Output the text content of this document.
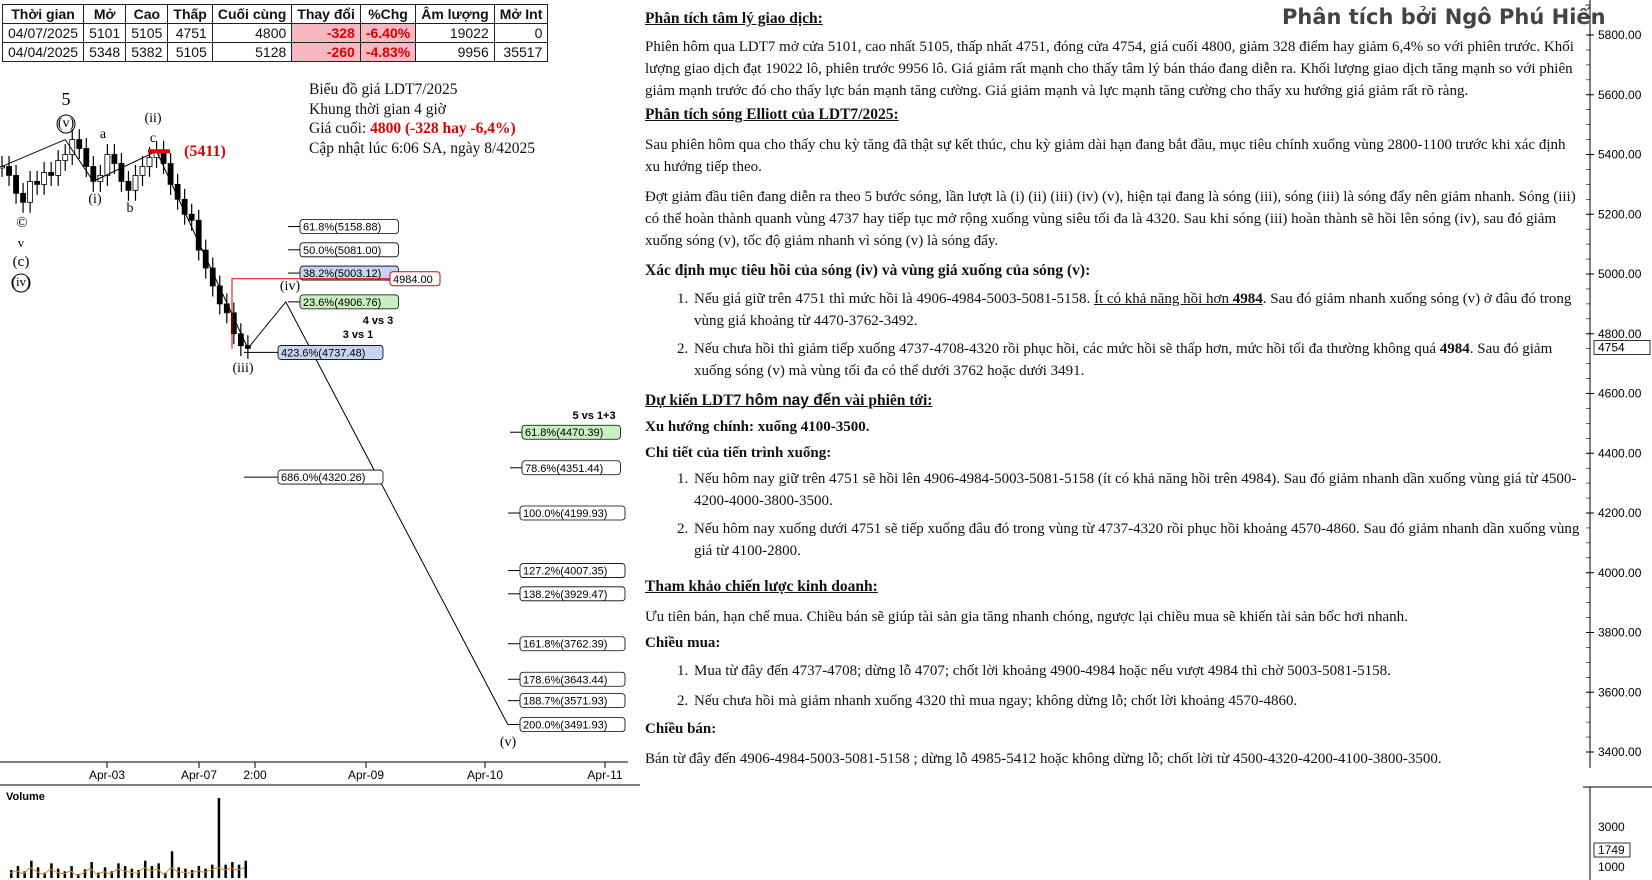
Thời gian	Mở	Cao	Thấp	Cuối cùng	Thay đổi	%Chg	Âm lượng	Mở Int
04/07/2025	5101	5105	4751	4800	-328	-6.40%	19022	0
04/04/2025	5348	5382	5105	5128	-260	-4.83%	9956	35517
Apr-03	Apr-07 2:00	Apr-09	Apr-10	Apr-11
(5411)
61.8%(5158.88)
50.0%(5081.00)
38.2%(5003.12)
23.6%(4906.76)
423.6%(4737.48)
61.8%(4470.39)
78.6%(4351.44)
686.0%(4320.26)
100.0%(4199.93)
127.2%(4007.35)
138.2%(3929.47)
161.8%(3762.39)
178.6%(3643.44)
188.7%(3571.93)
200.0%(3491.93)
4984.00
5
(v)
a
(ii)
c
(i)
b
©
v
(c)
(iv)	(iv)
(iii)
(v)
4 vs 3
3 vs 1
5 vs 1+3
Volume
3400.00
3600.00
3800.00
4000.00
4200.00
4400.00
4600.00
4800.00
5000.00
5200.00
5400.00
5600.00
5800.00
4754
3000
1000
1749
Biểu đồ giá LDT7/2025
Khung thời gian 4 giờ
Giá cuối: 4800 (-328 hay -6,4%)
Cập nhật lúc 6:06 SA, ngày 8/42025
Phân tích bởi Ngô Phú Hiển
Phân tích tâm lý giao dịch:

Phiên hôm qua LDT7 mở cửa 5101, cao nhất 5105, thấp nhất 4751, đóng cửa 4754, giá cuối 4800, giảm 328 điểm hay giảm 6,4% so với phiên trước. Khối lượng giao dịch đạt 19022 lô, phiên trước 9956 lô. Giá giảm rất mạnh cho thấy tâm lý bán tháo đang diễn ra. Khối lượng giao dịch tăng mạnh so với phiên giảm mạnh trước đó cho thấy lực bán mạnh tăng cường. Giá giảm mạnh và lực mạnh tăng cường cho thấy xu hướng giá giảm rất rõ ràng.

Phân tích sóng Elliott của LDT7/2025:

Sau phiên hôm qua cho thấy chu kỳ tăng đã thật sự kết thúc, chu kỳ giảm dài hạn đang bắt đầu, mục tiêu chính xuống vùng 2800-1100 trước khi xác định xu hướng tiếp theo.

Đợt giảm đầu tiên đang diễn ra theo 5 bước sóng, lần lượt là (i) (ii) (iii) (iv) (v), hiện tại đang là sóng (iii), sóng (iii) là sóng đẩy nên giảm nhanh. Sóng (iii) có thể hoàn thành quanh vùng 4737 hay tiếp tục mở rộng xuống vùng siêu tối đa là 4320. Sau khi sóng (iii) hoàn thành sẽ hồi lên sóng (iv), sau đó giảm xuống sóng (v), tốc độ giảm nhanh vì sóng (v) là sóng đẩy.

Xác định mục tiêu hồi của sóng (iv) và vùng giá xuống của sóng (v):
1. Nếu giá giữ trên 4751 thì mức hồi là 4906-4984-5003-5081-5158. Ít có khả năng hồi hơn 4984. Sau đó giảm nhanh xuống sóng (v) ở đâu đó trong vùng giá khoảng từ 4470-3762-3492.
2. Nếu chưa hồi thì giảm tiếp xuống 4737-4708-4320 rồi phục hồi, các mức hồi sẽ thấp hơn, mức hồi tối đa thường không quá 4984. Sau đó giảm xuống sóng (v) mà vùng tối đa có thể dưới 3762 hoặc dưới 3491.
Dự kiến LDT7 hôm nay đến vài phiên tới:

Xu hướng chính: xuống 4100-3500.

Chi tiết của tiến trình xuống:

1. Nếu hôm nay giữ trên 4751 sẽ hồi lên 4906-4984-5003-5081-5158 (ít có khả năng hồi trên 4984). Sau đó giảm nhanh dần xuống vùng giá từ 4500-4200-4000-3800-3500.
2. Nếu hôm nay xuống dưới 4751 sẽ tiếp xuống đâu đó trong vùng từ 4737-4320 rồi phục hồi khoảng 4570-4860. Sau đó giảm nhanh dần xuống vùng giá từ 4100-2800.
Tham khảo chiến lược kinh doanh:

Ưu tiên bán, hạn chế mua. Chiều bán sẽ giúp tài sản gia tăng nhanh chóng, ngược lại chiều mua sẽ khiến tài sản bốc hơi nhanh.

Chiều mua:

1. Mua từ đây đến 4737-4708; dừng lỗ 4707; chốt lời khoảng 4900-4984 hoặc nếu vượt 4984 thì chờ 5003-5081-5158.
2. Nếu chưa hồi mà giảm nhanh xuống 4320 thì mua ngay; không dừng lỗ; chốt lời khoảng 4570-4860.

Chiều bán:

Bán từ đây đến 4906-4984-5003-5081-5158 ; dừng lỗ 4985-5412 hoặc không dừng lỗ; chốt lời từ 4500-4320-4200-4100-3800-3500.
